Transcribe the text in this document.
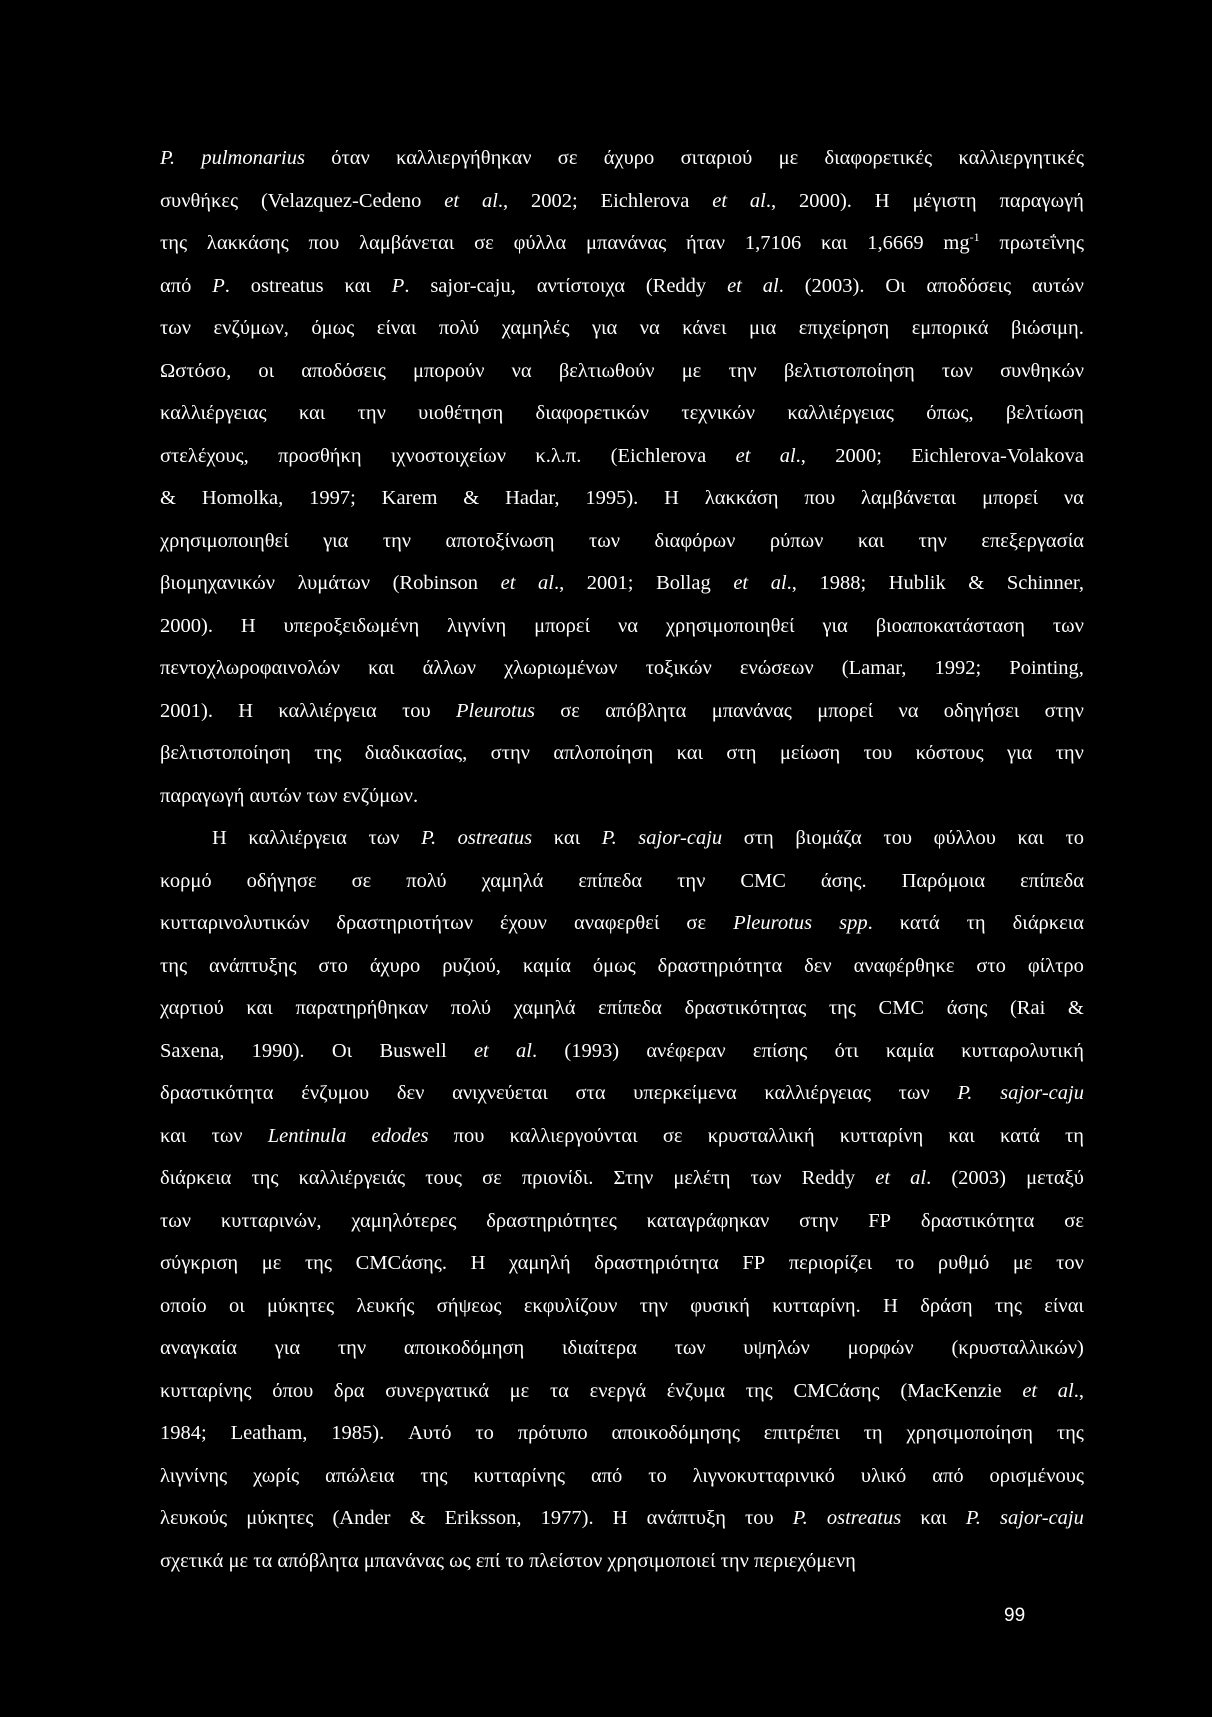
P. pulmonarius όταν καλλιεργήθηκαν σε άχυρο σιταριού με διαφορετικές καλλιεργητικές
συνθήκες (Velazquez-Cedeno et al., 2002; Eichlerova et al., 2000). Η μέγιστη παραγωγή
της λακκάσης που λαμβάνεται σε φύλλα μπανάνας ήταν 1,7106 και 1,6669 $mg^{-1}$ πρωτεΐνης
από P. ostreatus και P. sajor-caju, αντίστοιχα (Reddy et al. (2003). Οι αποδόσεις αυτών
των ενζύμων, όμως είναι πολύ χαμηλές για να κάνει μια επιχείρηση εμπορικά βιώσιμη.
Ωστόσο, οι αποδόσεις μπορούν να βελτιωθούν με την βελτιστοποίηση των συνθηκών
καλλιέργειας και την υιοθέτηση διαφορετικών τεχνικών καλλιέργειας όπως, βελτίωση
στελέχους, προσθήκη ιχνοστοιχείων κ.λ.π. (Eichlerova et al., 2000; Eichlerova-Volakova
& Homolka, 1997; Karem & Hadar, 1995). Η λακκάση που λαμβάνεται μπορεί να
χρησιμοποιηθεί για την αποτοξίνωση των διαφόρων ρύπων και την επεξεργασία
βιομηχανικών λυμάτων (Robinson et al., 2001; Bollag et al., 1988; Hublik & Schinner,
2000). Η υπεροξειδωμένη λιγνίνη μπορεί να χρησιμοποιηθεί για βιοαποκατάσταση των
πεντοχλωροφαινολών και άλλων χλωριωμένων τοξικών ενώσεων (Lamar, 1992; Pointing,
2001). Η καλλιέργεια του Pleurotus σε απόβλητα μπανάνας μπορεί να οδηγήσει στην
βελτιστοποίηση της διαδικασίας, στην απλοποίηση και στη μείωση του κόστους για την
παραγωγή αυτών των ενζύμων.
Η καλλιέργεια των P. ostreatus και P. sajor-caju στη βιομάζα του φύλλου και το
κορμό οδήγησε σε πολύ χαμηλά επίπεδα την CMC άσης. Παρόμοια επίπεδα
κυτταρινολυτικών δραστηριοτήτων έχουν αναφερθεί σε Pleurotus spp. κατά τη διάρκεια
της ανάπτυξης στο άχυρο ρυζιού, καμία όμως δραστηριότητα δεν αναφέρθηκε στο φίλτρο
χαρτιού και παρατηρήθηκαν πολύ χαμηλά επίπεδα δραστικότητας της CMC άσης (Rai &
Saxena, 1990). Οι Buswell et al. (1993) ανέφεραν επίσης ότι καμία κυτταρολυτική
δραστικότητα ένζυμου δεν ανιχνεύεται στα υπερκείμενα καλλιέργειας των P. sajor-caju
και των Lentinula edodes που καλλιεργούνται σε κρυσταλλική κυτταρίνη και κατά τη
διάρκεια της καλλιέργειάς τους σε πριονίδι. Στην μελέτη των Reddy et al. (2003) μεταξύ
των κυτταρινών, χαμηλότερες δραστηριότητες καταγράφηκαν στην FP δραστικότητα σε
σύγκριση με της CMCάσης. Η χαμηλή δραστηριότητα FP περιορίζει το ρυθμό με τον
οποίο οι μύκητες λευκής σήψεως εκφυλίζουν την φυσική κυτταρίνη. Η δράση της είναι
αναγκαία για την αποικοδόμηση ιδιαίτερα των υψηλών μορφών (κρυσταλλικών)
κυτταρίνης όπου δρα συνεργατικά με τα ενεργά ένζυμα της CMCάσης (MacKenzie et al.,
1984; Leatham, 1985). Αυτό το πρότυπο αποικοδόμησης επιτρέπει τη χρησιμοποίηση της
λιγνίνης χωρίς απώλεια της κυτταρίνης από το λιγνοκυτταρινικό υλικό από ορισμένους
λευκούς μύκητες (Ander & Eriksson, 1977). Η ανάπτυξη του P. ostreatus και P. sajor-caju
σχετικά με τα απόβλητα μπανάνας ως επί το πλείστον χρησιμοποιεί την περιεχόμενη
99
